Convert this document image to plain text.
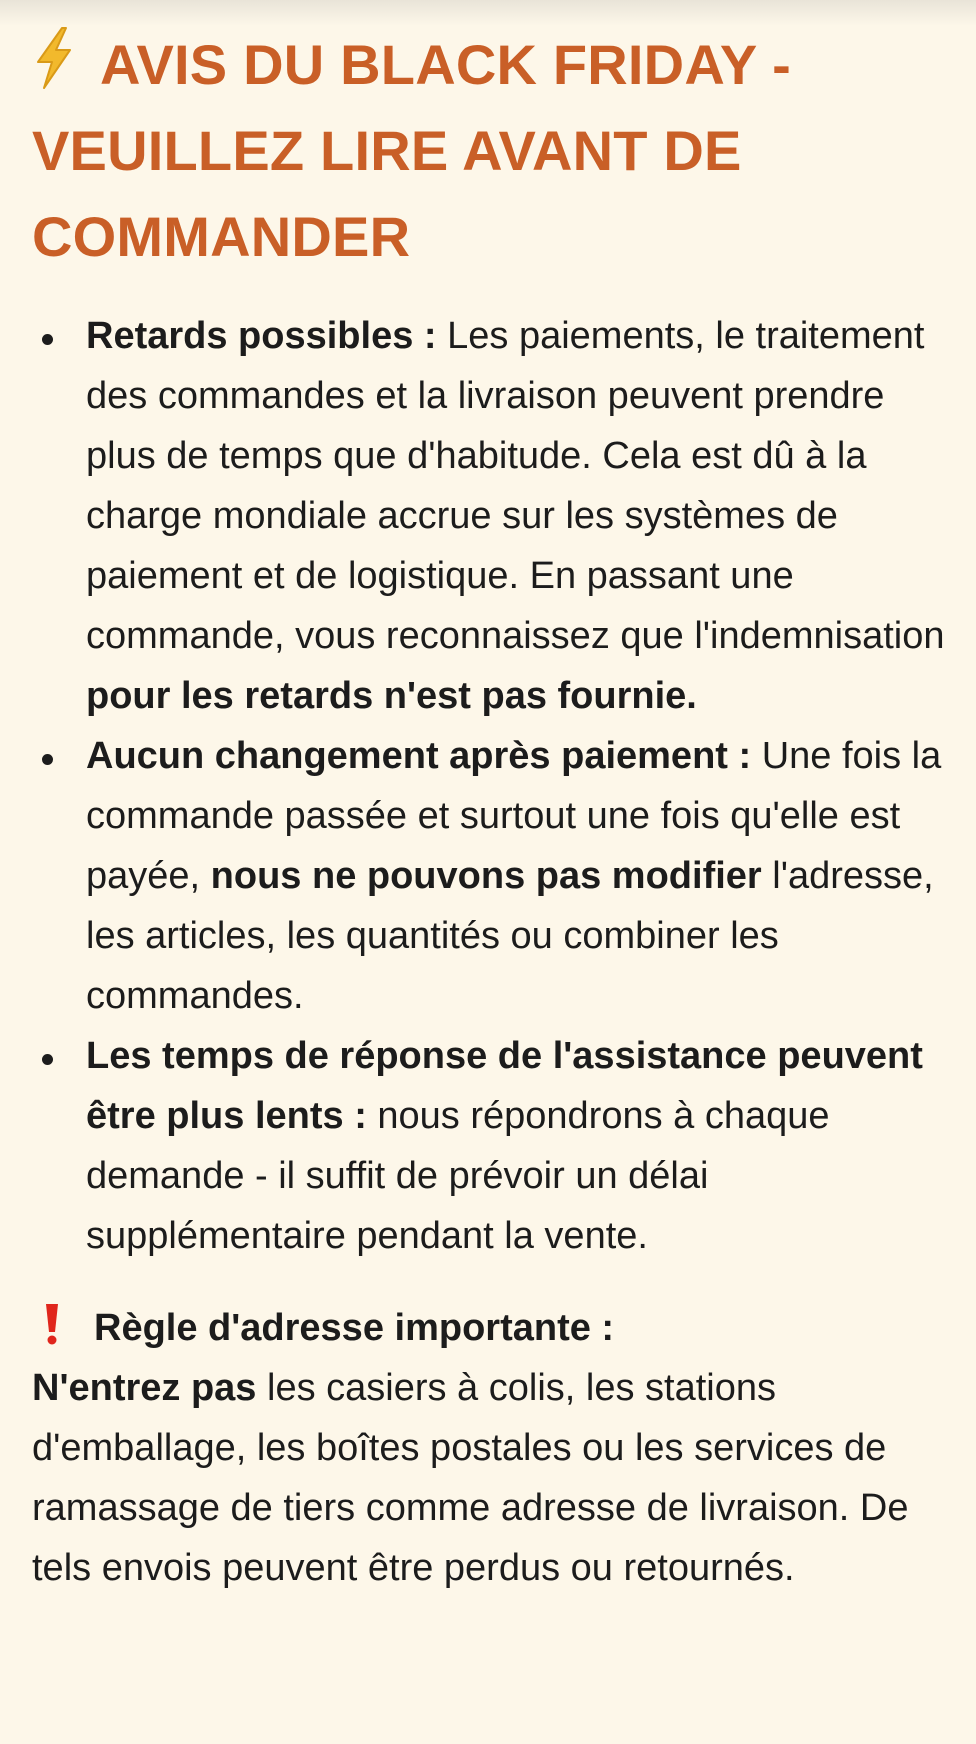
AVIS DU BLACK FRIDAY - VEUILLEZ LIRE AVANT DE COMMANDER
Retards possibles : Les paiements, le traitement des commandes et la livraison peuvent prendre plus de temps que d'habitude. Cela est dû à la charge mondiale accrue sur les systèmes de paiement et de logistique. En passant une commande, vous reconnaissez que l'indemnisation pour les retards n'est pas fournie.
Aucun changement après paiement : Une fois la commande passée et surtout une fois qu'elle est payée, nous ne pouvons pas modifier l'adresse, les articles, les quantités ou combiner les commandes.
Les temps de réponse de l'assistance peuvent être plus lents : nous répondrons à chaque demande - il suffit de prévoir un délai supplémentaire pendant la vente.
Règle d'adresse importante :
N'entrez pas les casiers à colis, les stations d'emballage, les boîtes postales ou les services de ramassage de tiers comme adresse de livraison. De tels envois peuvent être perdus ou retournés.
